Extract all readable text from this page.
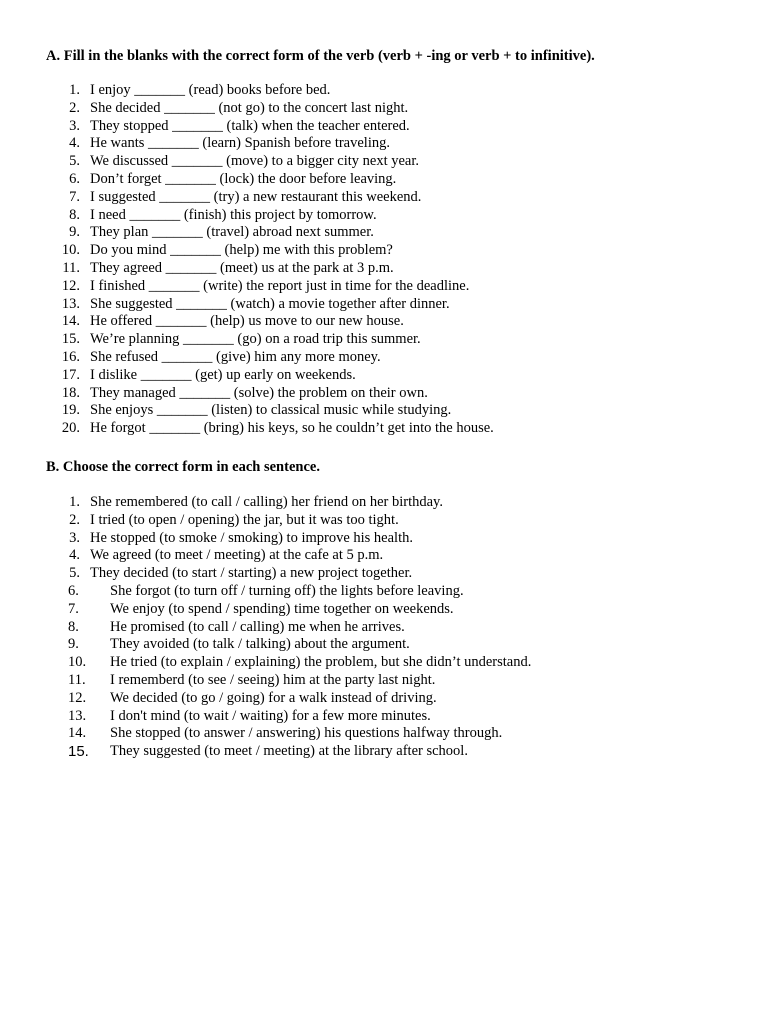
A. Fill in the blanks with the correct form of the verb (verb + -ing or verb + to infinitive).
1. I enjoy _______ (read) books before bed.
2. She decided _______ (not go) to the concert last night.
3. They stopped _______ (talk) when the teacher entered.
4. He wants _______ (learn) Spanish before traveling.
5. We discussed _______ (move) to a bigger city next year.
6. Don’t forget _______ (lock) the door before leaving.
7. I suggested _______ (try) a new restaurant this weekend.
8. I need _______ (finish) this project by tomorrow.
9. They plan _______ (travel) abroad next summer.
10. Do you mind _______ (help) me with this problem?
11. They agreed _______ (meet) us at the park at 3 p.m.
12. I finished _______ (write) the report just in time for the deadline.
13. She suggested _______ (watch) a movie together after dinner.
14. He offered _______ (help) us move to our new house.
15. We’re planning _______ (go) on a road trip this summer.
16. She refused _______ (give) him any more money.
17. I dislike _______ (get) up early on weekends.
18. They managed _______ (solve) the problem on their own.
19. She enjoys _______ (listen) to classical music while studying.
20. He forgot _______ (bring) his keys, so he couldn’t get into the house.
B. Choose the correct form in each sentence.
1. She remembered (to call / calling) her friend on her birthday.
2. I tried (to open / opening) the jar, but it was too tight.
3. He stopped (to smoke / smoking) to improve his health.
4. We agreed (to meet / meeting) at the cafe at 5 p.m.
5. They decided (to start / starting) a new project together.
6. She forgot (to turn off / turning off) the lights before leaving.
7. We enjoy (to spend / spending) time together on weekends.
8. He promised (to call / calling) me when he arrives.
9. They avoided (to talk / talking) about the argument.
10. He tried (to explain / explaining) the problem, but she didn’t understand.
11. I rememberd (to see / seeing) him at the party last night.
12. We decided (to go / going) for a walk instead of driving.
13. I don't mind (to wait / waiting) for a few more minutes.
14. She stopped (to answer / answering) his questions halfway through.
15. They suggested (to meet / meeting) at the library after school.
